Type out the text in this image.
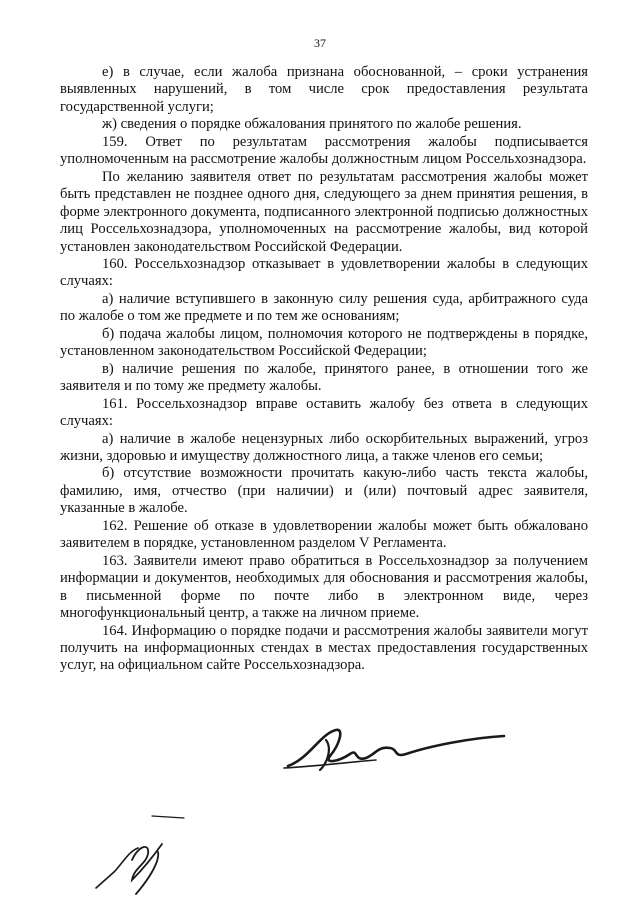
37

е) в случае, если жалоба признана обоснованной, – сроки устранения выявленных нарушений, в том числе срок предоставления результата государственной услуги;

ж) сведения о порядке обжалования принятого по жалобе решения.

159. Ответ по результатам рассмотрения жалобы подписывается уполномоченным на рассмотрение жалобы должностным лицом Россельхознадзора.

По желанию заявителя ответ по результатам рассмотрения жалобы может быть представлен не позднее одного дня, следующего за днем принятия решения, в форме электронного документа, подписанного электронной подписью должностных лиц Россельхознадзора, уполномоченных на рассмотрение жалобы, вид которой установлен законодательством Российской Федерации.

160. Россельхознадзор отказывает в удовлетворении жалобы в следующих случаях:

а) наличие вступившего в законную силу решения суда, арбитражного суда по жалобе о том же предмете и по тем же основаниям;

б) подача жалобы лицом, полномочия которого не подтверждены в порядке, установленном законодательством Российской Федерации;

в) наличие решения по жалобе, принятого ранее, в отношении того же заявителя и по тому же предмету жалобы.

161. Россельхознадзор вправе оставить жалобу без ответа в следующих случаях:

а) наличие в жалобе нецензурных либо оскорбительных выражений, угроз жизни, здоровью и имуществу должностного лица, а также членов его семьи;

б) отсутствие возможности прочитать какую-либо часть текста жалобы, фамилию, имя, отчество (при наличии) и (или) почтовый адрес заявителя, указанные в жалобе.

162. Решение об отказе в удовлетворении жалобы может быть обжаловано заявителем в порядке, установленном разделом V Регламента.

163. Заявители имеют право обратиться в Россельхознадзор за получением информации и документов, необходимых для обоснования и рассмотрения жалобы, в письменной форме по почте либо в электронном виде, через многофункциональный центр, а также на личном приеме.

164. Информацию о порядке подачи и рассмотрения жалобы заявители могут получить на информационных стендах в местах предоставления государственных услуг, на официальном сайте Россельхознадзора.
